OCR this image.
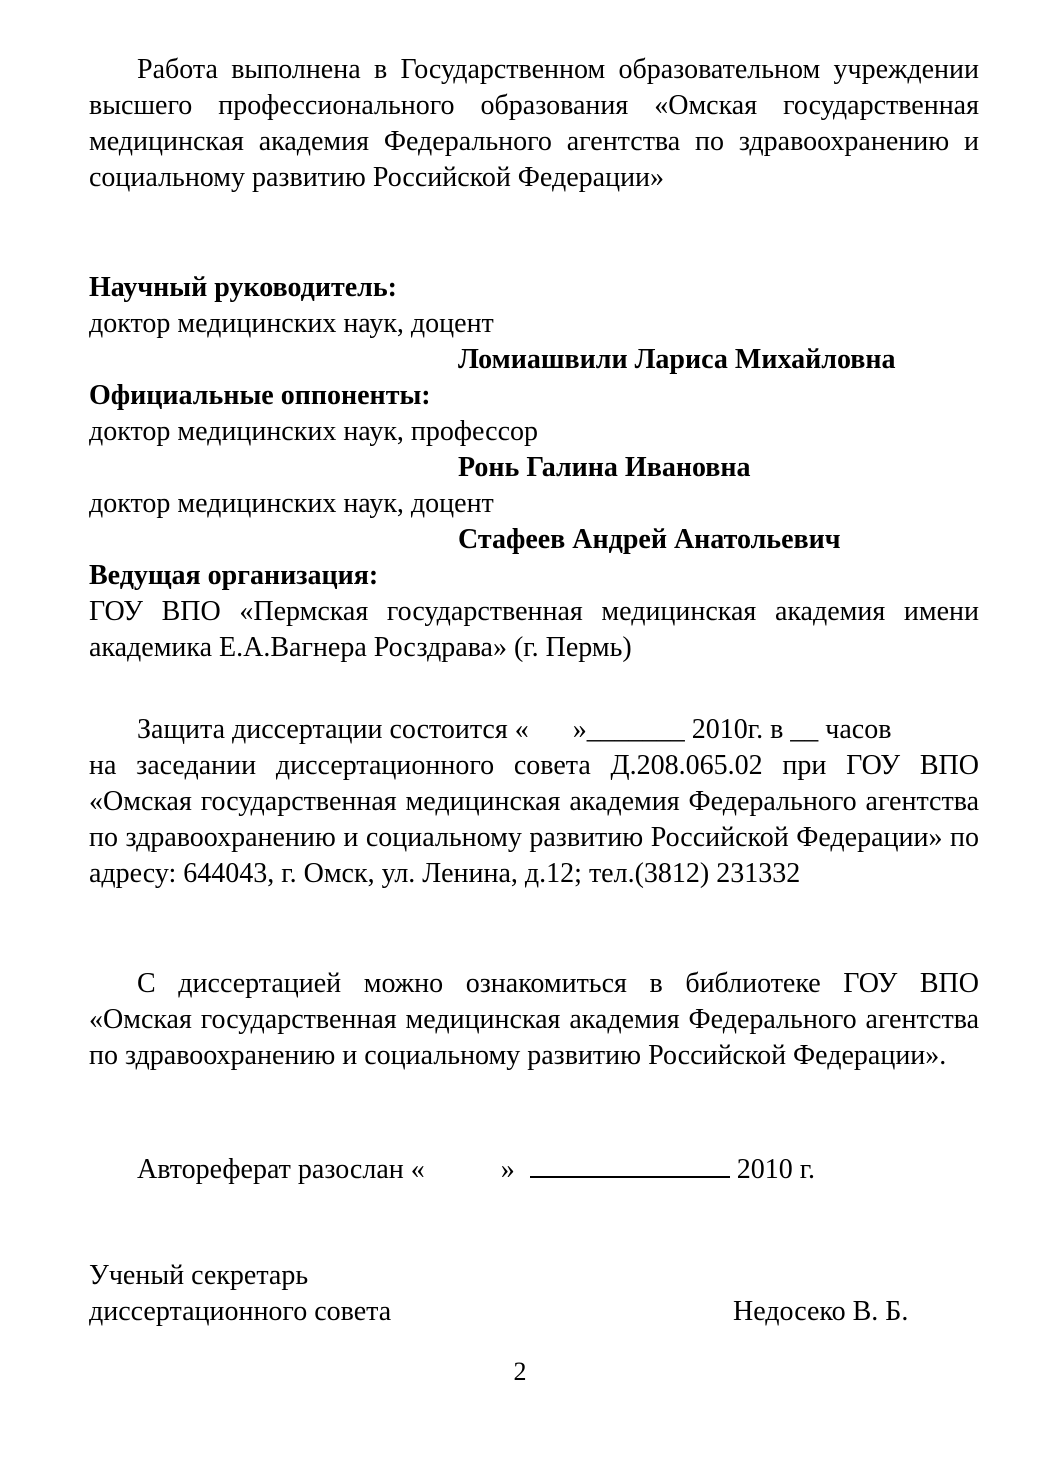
Работа выполнена в Государственном образовательном учреждении высшего профессионального образования «Омская государственная медицинская академия Федерального агентства по здравоохранению и социальному развитию Российской Федерации»
Научный руководитель:
доктор медицинских наук, доцент
Ломиашвили Лариса Михайловна
Официальные оппоненты:
доктор медицинских наук, профессор
Ронь Галина Ивановна
доктор медицинских наук, доцент
Стафеев Андрей Анатольевич
Ведущая организация:
ГОУ ВПО «Пермская государственная медицинская академия имени академика Е.А.Вагнера Росздрава» (г. Пермь)
Защита диссертации состоится « »_______ 2010г. в __ часов
на заседании диссертационного совета Д.208.065.02 при ГОУ ВПО «Омская государственная медицинская академия Федерального агентства по здравоохранению и социальному развитию Российской Федерации» по адресу: 644043, г. Омск, ул. Ленина, д.12; тел.(3812) 231332
С диссертацией можно ознакомиться в библиотеке ГОУ ВПО «Омская государственная медицинская академия Федерального агентства по здравоохранению и социальному развитию Российской Федерации».
Автореферат разослан «	»	2010 г.
Ученый секретарь
диссертационного совета	Недосеко В. Б.
2
